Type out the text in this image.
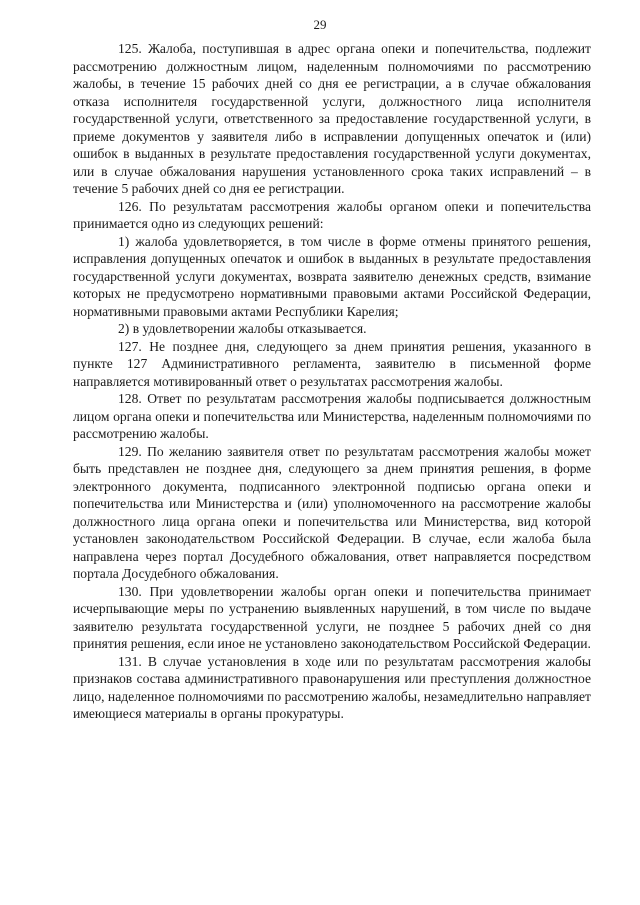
29

125. Жалоба, поступившая в адрес органа опеки и попечительства, подлежит рассмотрению должностным лицом, наделенным полномочиями по рассмотрению жалобы, в течение 15 рабочих дней со дня ее регистрации, а в случае обжалования отказа исполнителя государственной услуги, должностного лица исполнителя государственной услуги, ответственного за предоставление государственной услуги, в приеме документов у заявителя либо в исправлении допущенных опечаток и (или) ошибок в выданных в результате предоставления государственной услуги документах, или в случае обжалования нарушения установленного срока таких исправлений – в течение 5 рабочих дней со дня ее регистрации.

126. По результатам рассмотрения жалобы органом опеки и попечительства принимается одно из следующих решений:

1) жалоба удовлетворяется, в том числе в форме отмены принятого решения, исправления допущенных опечаток и ошибок в выданных в результате предоставления государственной услуги документах, возврата заявителю денежных средств, взимание которых не предусмотрено нормативными правовыми актами Российской Федерации, нормативными правовыми актами Республики Карелия;

2) в удовлетворении жалобы отказывается.

127. Не позднее дня, следующего за днем принятия решения, указанного в пункте 127 Административного регламента, заявителю в письменной форме направляется мотивированный ответ о результатах рассмотрения жалобы.

128. Ответ по результатам рассмотрения жалобы подписывается должностным лицом органа опеки и попечительства или Министерства, наделенным полномочиями по рассмотрению жалобы.

129. По желанию заявителя ответ по результатам рассмотрения жалобы может быть представлен не позднее дня, следующего за днем принятия решения, в форме электронного документа, подписанного электронной подписью органа опеки и попечительства или Министерства и (или) уполномоченного на рассмотрение жалобы должностного лица органа опеки и попечительства или Министерства, вид которой установлен законодательством Российской Федерации. В случае, если жалоба была направлена через портал Досудебного обжалования, ответ направляется посредством портала Досудебного обжалования.

130. При удовлетворении жалобы орган опеки и попечительства принимает исчерпывающие меры по устранению выявленных нарушений, в том числе по выдаче заявителю результата государственной услуги, не позднее 5 рабочих дней со дня принятия решения, если иное не установлено законодательством Российской Федерации.

131. В случае установления в ходе или по результатам рассмотрения жалобы признаков состава административного правонарушения или преступления должностное лицо, наделенное полномочиями по рассмотрению жалобы, незамедлительно направляет имеющиеся материалы в органы прокуратуры.
